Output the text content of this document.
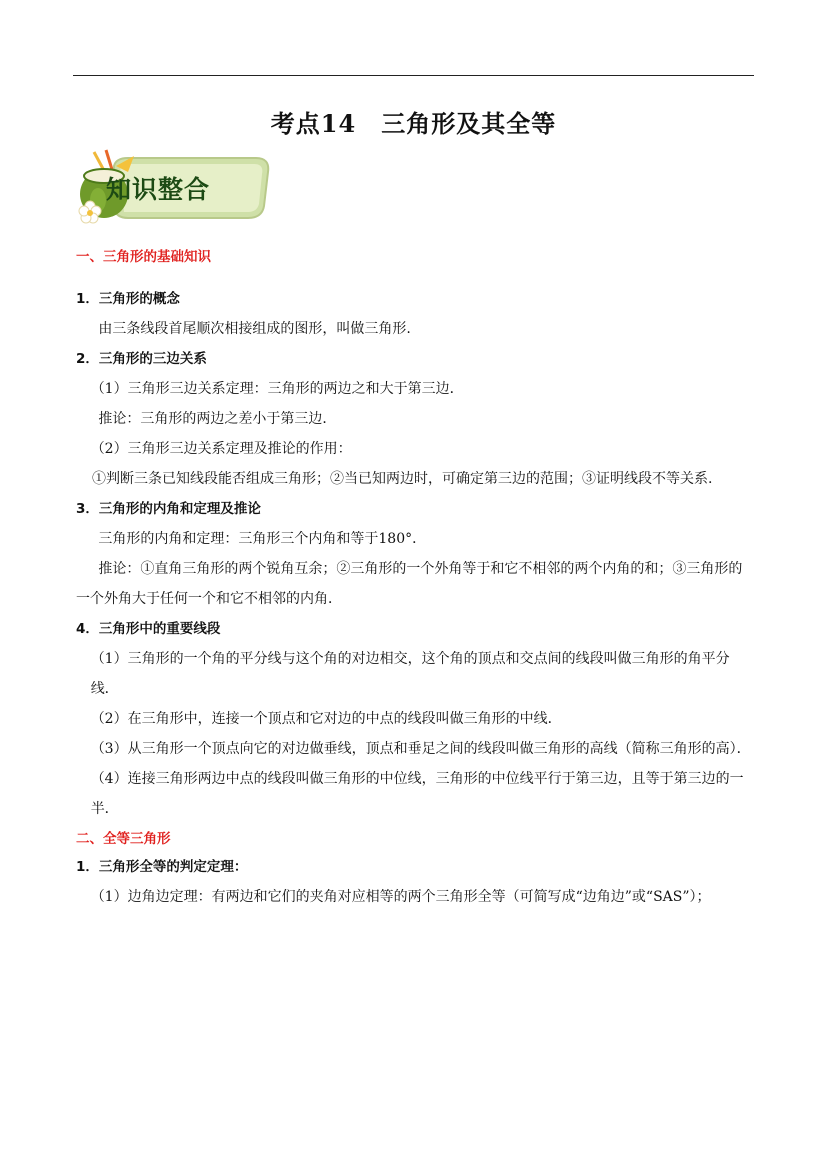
考点14　三角形及其全等
知识整合
一、三角形的基础知识
1．三角形的概念
由三条线段首尾顺次相接组成的图形，叫做三角形.
2．三角形的三边关系
（1）三角形三边关系定理：三角形的两边之和大于第三边．
推论：三角形的两边之差小于第三边．
（2）三角形三边关系定理及推论的作用：
①判断三条已知线段能否组成三角形；②当已知两边时，可确定第三边的范围；③证明线段不等关系.
3．三角形的内角和定理及推论
三角形的内角和定理：三角形三个内角和等于180°．
推论：①直角三角形的两个锐角互余；②三角形的一个外角等于和它不相邻的两个内角的和；③三角形的一个外角大于任何一个和它不相邻的内角．
4．三角形中的重要线段
（1）三角形的一个角的平分线与这个角的对边相交，这个角的顶点和交点间的线段叫做三角形的角平分线．
（2）在三角形中，连接一个顶点和它对边的中点的线段叫做三角形的中线．
（3）从三角形一个顶点向它的对边做垂线，顶点和垂足之间的线段叫做三角形的高线（简称三角形的高）．
（4）连接三角形两边中点的线段叫做三角形的中位线，三角形的中位线平行于第三边，且等于第三边的一半．
二、全等三角形
1．三角形全等的判定定理：
（1）边角边定理：有两边和它们的夹角对应相等的两个三角形全等（可简写成“边角边”或“SAS”）；
